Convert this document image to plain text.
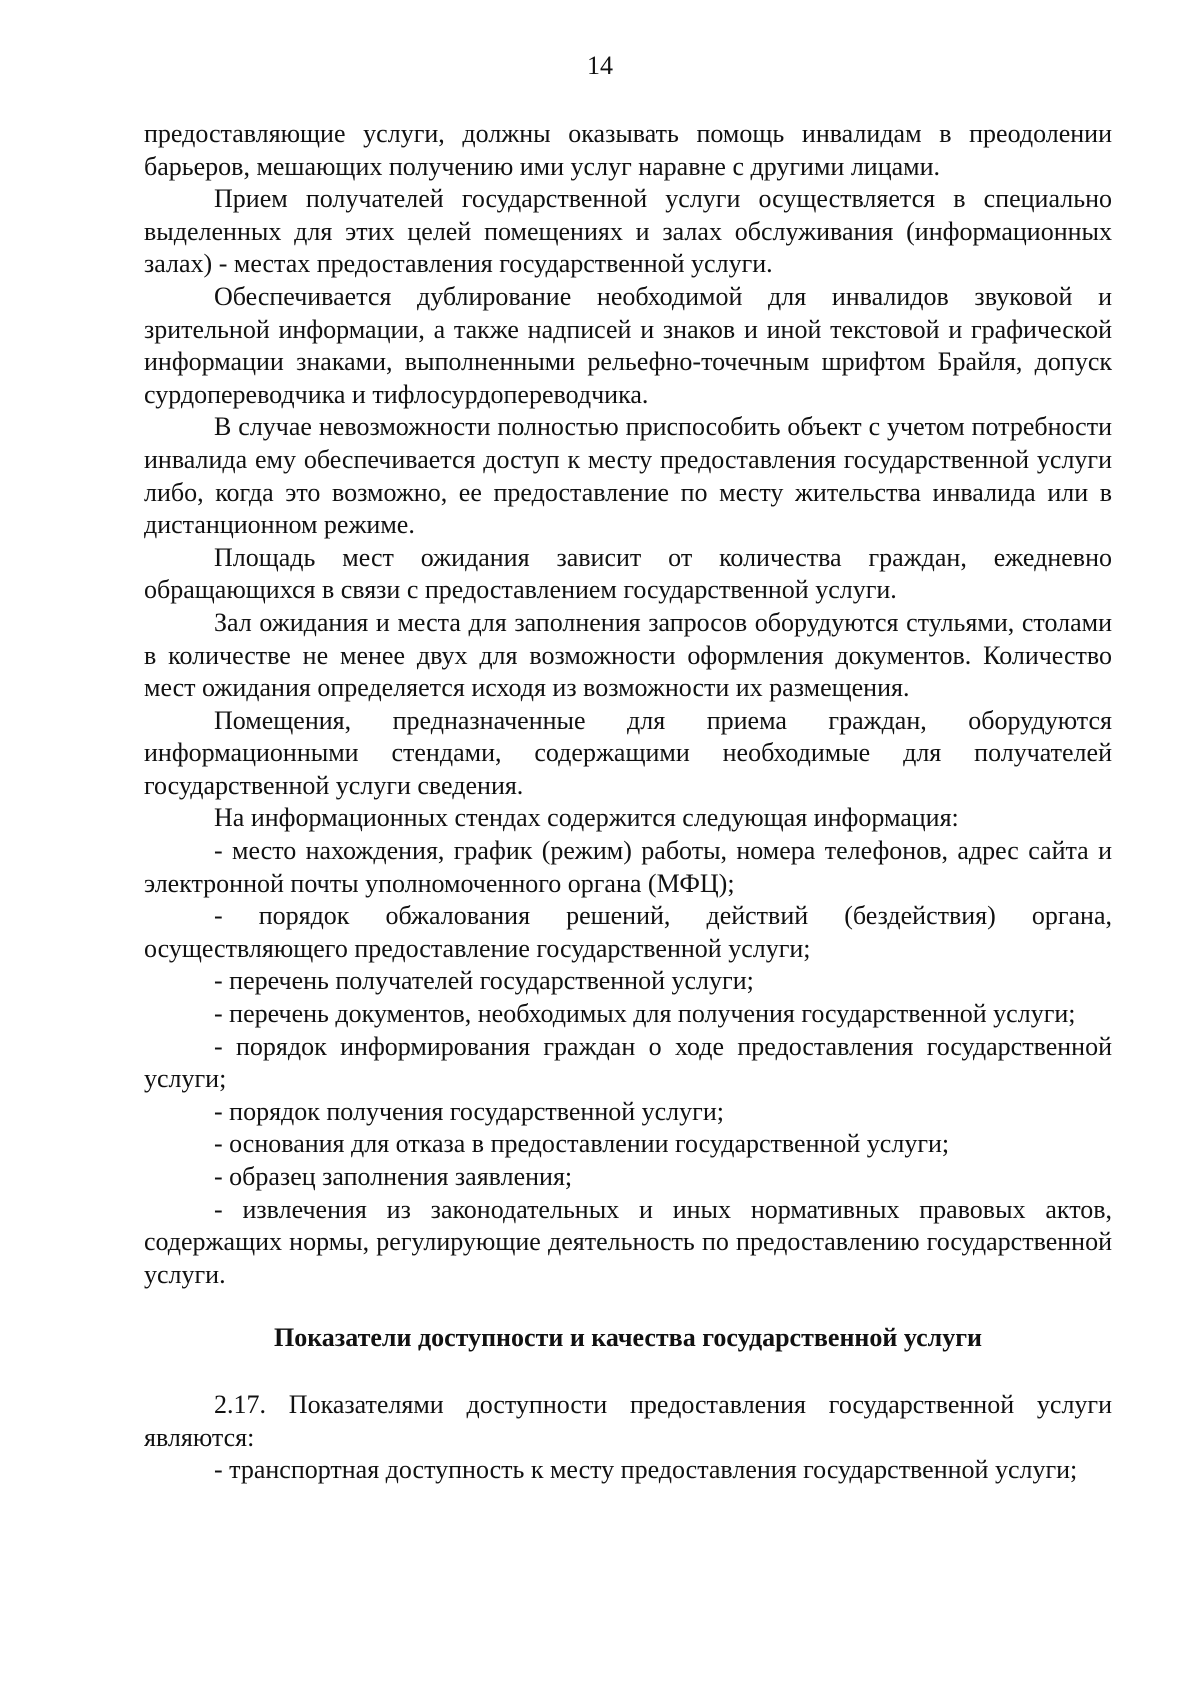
14

предоставляющие услуги, должны оказывать помощь инвалидам в преодолении барьеров, мешающих получению ими услуг наравне с другими лицами.

Прием получателей государственной услуги осуществляется в специально выделенных для этих целей помещениях и залах обслуживания (информационных залах) - местах предоставления государственной услуги.

Обеспечивается дублирование необходимой для инвалидов звуковой и зрительной информации, а также надписей и знаков и иной текстовой и графической информации знаками, выполненными рельефно-точечным шрифтом Брайля, допуск сурдопереводчика и тифлосурдопереводчика.

В случае невозможности полностью приспособить объект с учетом потребности инвалида ему обеспечивается доступ к месту предоставления государственной услуги либо, когда это возможно, ее предоставление по месту жительства инвалида или в дистанционном режиме.

Площадь мест ожидания зависит от количества граждан, ежедневно обращающихся в связи с предоставлением государственной услуги.

Зал ожидания и места для заполнения запросов оборудуются стульями, столами в количестве не менее двух для возможности оформления документов. Количество мест ожидания определяется исходя из возможности их размещения.

Помещения, предназначенные для приема граждан, оборудуются информационными стендами, содержащими необходимые для получателей государственной услуги сведения.

На информационных стендах содержится следующая информация:

- место нахождения, график (режим) работы, номера телефонов, адрес сайта и электронной почты уполномоченного органа (МФЦ);

- порядок обжалования решений, действий (бездействия) органа, осуществляющего предоставление государственной услуги;

- перечень получателей государственной услуги;

- перечень документов, необходимых для получения государственной услуги;

- порядок информирования граждан о ходе предоставления государственной услуги;

- порядок получения государственной услуги;

- основания для отказа в предоставлении государственной услуги;

- образец заполнения заявления;

- извлечения из законодательных и иных нормативных правовых актов, содержащих нормы, регулирующие деятельность по предоставлению государственной услуги.

Показатели доступности и качества государственной услуги

2.17. Показателями доступности предоставления государственной услуги являются:

- транспортная доступность к месту предоставления государственной услуги;
